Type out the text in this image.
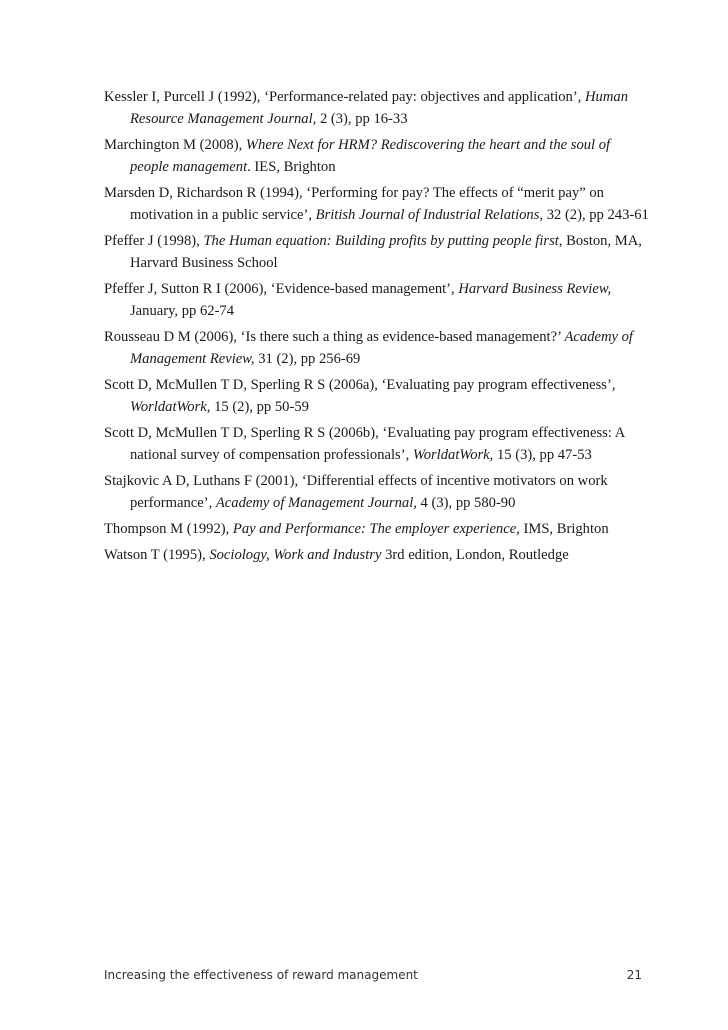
Kessler I, Purcell J (1992), ‘Performance-related pay: objectives and application’, Human Resource Management Journal, 2 (3), pp 16-33

Marchington M (2008), Where Next for HRM? Rediscovering the heart and the soul of people management. IES, Brighton

Marsden D, Richardson R (1994), ‘Performing for pay? The effects of “merit pay” on motivation in a public service’, British Journal of Industrial Relations, 32 (2), pp 243-61

Pfeffer J (1998), The Human equation: Building profits by putting people first, Boston, MA, Harvard Business School

Pfeffer J, Sutton R I (2006), ‘Evidence-based management’, Harvard Business Review, January, pp 62-74

Rousseau D M (2006), ‘Is there such a thing as evidence-based management?’ Academy of Management Review, 31 (2), pp 256-69

Scott D, McMullen T D, Sperling R S (2006a), ‘Evaluating pay program effectiveness’, WorldatWork, 15 (2), pp 50-59

Scott D, McMullen T D, Sperling R S (2006b), ‘Evaluating pay program effectiveness: A national survey of compensation professionals’, WorldatWork, 15 (3), pp 47-53

Stajkovic A D, Luthans F (2001), ‘Differential effects of incentive motivators on work performance’, Academy of Management Journal, 4 (3), pp 580-90

Thompson M (1992), Pay and Performance: The employer experience, IMS, Brighton

Watson T (1995), Sociology, Work and Industry 3rd edition, London, Routledge

Increasing the effectiveness of reward management	21
